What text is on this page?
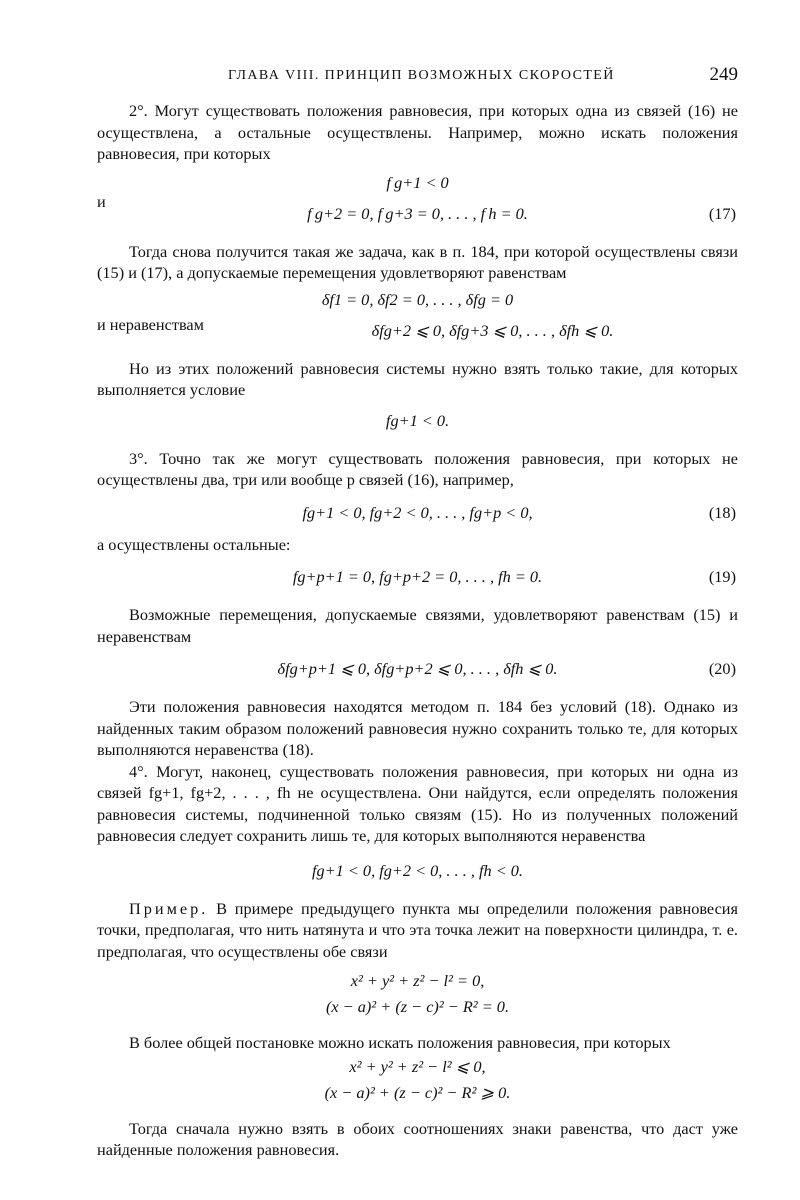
ГЛАВА VIII. ПРИНЦИП ВОЗМОЖНЫХ СКОРОСТЕЙ	249

2°. Могут существовать положения равновесия, при которых одна из связей (16) не осуществлена, а остальные осуществлены. Например, можно искать положения равновесия, при которых

f g+1 < 0
и
f g+2 = 0, f g+3 = 0, . . . , f h = 0.	(17)

Тогда снова получится такая же задача, как в п. 184, при которой осуществлены связи (15) и (17), а допускаемые перемещения удовлетворяют равенствам

δf1 = 0, δf2 = 0, . . . , δfg = 0
и неравенствам	δfg+2 ⩽ 0, δfg+3 ⩽ 0, . . . , δfh ⩽ 0.

Но из этих положений равновесия системы нужно взять только такие, для которых выполняется условие

fg+1 < 0.

3°. Точно так же могут существовать положения равновесия, при которых не осуществлены два, три или вообще p связей (16), например,

fg+1 < 0, fg+2 < 0, . . . , fg+p < 0,	(18)

а осуществлены остальные:

fg+p+1 = 0, fg+p+2 = 0, . . . , fh = 0.	(19)

Возможные перемещения, допускаемые связями, удовлетворяют равенствам (15) и неравенствам

δfg+p+1 ⩽ 0, δfg+p+2 ⩽ 0, . . . , δfh ⩽ 0.	(20)

Эти положения равновесия находятся методом п. 184 без условий (18). Однако из найденных таким образом положений равновесия нужно сохранить только те, для которых выполняются неравенства (18).

4°. Могут, наконец, существовать положения равновесия, при которых ни одна из связей fg+1, fg+2, . . . , fh не осуществлена. Они найдутся, если определять положения равновесия системы, подчиненной только связям (15). Но из полученных положений равновесия следует сохранить лишь те, для которых выполняются неравенства

fg+1 < 0, fg+2 < 0, . . . , fh < 0.

Пример. В примере предыдущего пункта мы определили положения равновесия точки, предполагая, что нить натянута и что эта точка лежит на поверхности цилиндра, т. е. предполагая, что осуществлены обе связи

x² + y² + z² − l² = 0,
(x − a)² + (z − c)² − R² = 0.

В более общей постановке можно искать положения равновесия, при которых

x² + y² + z² − l² ⩽ 0,
(x − a)² + (z − c)² − R² ⩾ 0.

Тогда сначала нужно взять в обоих соотношениях знаки равенства, что даст уже найденные положения равновесия.
